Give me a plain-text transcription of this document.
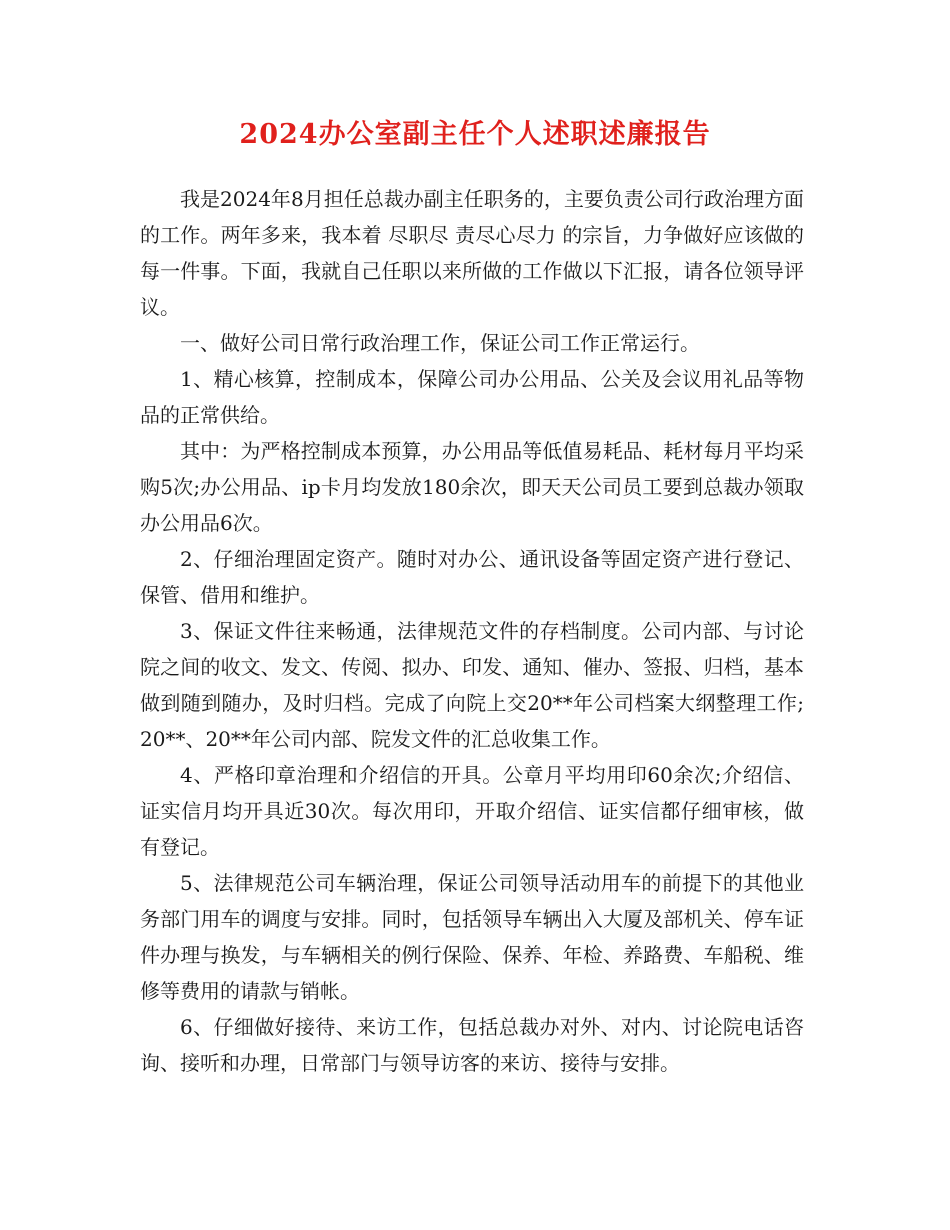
2024办公室副主任个人述职述廉报告

我是2024年8月担任总裁办副主任职务的，主要负责公司行政治理方面的工作。两年多来，我本着 尽职尽 责尽心尽力 的宗旨，力争做好应该做的每一件事。下面，我就自己任职以来所做的工作做以下汇报，请各位领导评议。

一、做好公司日常行政治理工作，保证公司工作正常运行。

1、精心核算，控制成本，保障公司办公用品、公关及会议用礼品等物品的正常供给。

其中：为严格控制成本预算，办公用品等低值易耗品、耗材每月平均采购5次;办公用品、ip卡月均发放180余次，即天天公司员工要到总裁办领取办公用品6次。

2、仔细治理固定资产。随时对办公、通讯设备等固定资产进行登记、保管、借用和维护。

3、保证文件往来畅通，法律规范文件的存档制度。公司内部、与讨论院之间的收文、发文、传阅、拟办、印发、通知、催办、签报、归档，基本做到随到随办，及时归档。完成了向院上交20**年公司档案大纲整理工作;20**、20**年公司内部、院发文件的汇总收集工作。

4、严格印章治理和介绍信的开具。公章月平均用印60余次;介绍信、证实信月均开具近30次。每次用印，开取介绍信、证实信都仔细审核，做有登记。

5、法律规范公司车辆治理，保证公司领导活动用车的前提下的其他业务部门用车的调度与安排。同时，包括领导车辆出入大厦及部机关、停车证件办理与换发，与车辆相关的例行保险、保养、年检、养路费、车船税、维修等费用的请款与销帐。

6、仔细做好接待、来访工作，包括总裁办对外、对内、讨论院电话咨询、接听和办理，日常部门与领导访客的来访、接待与安排。
